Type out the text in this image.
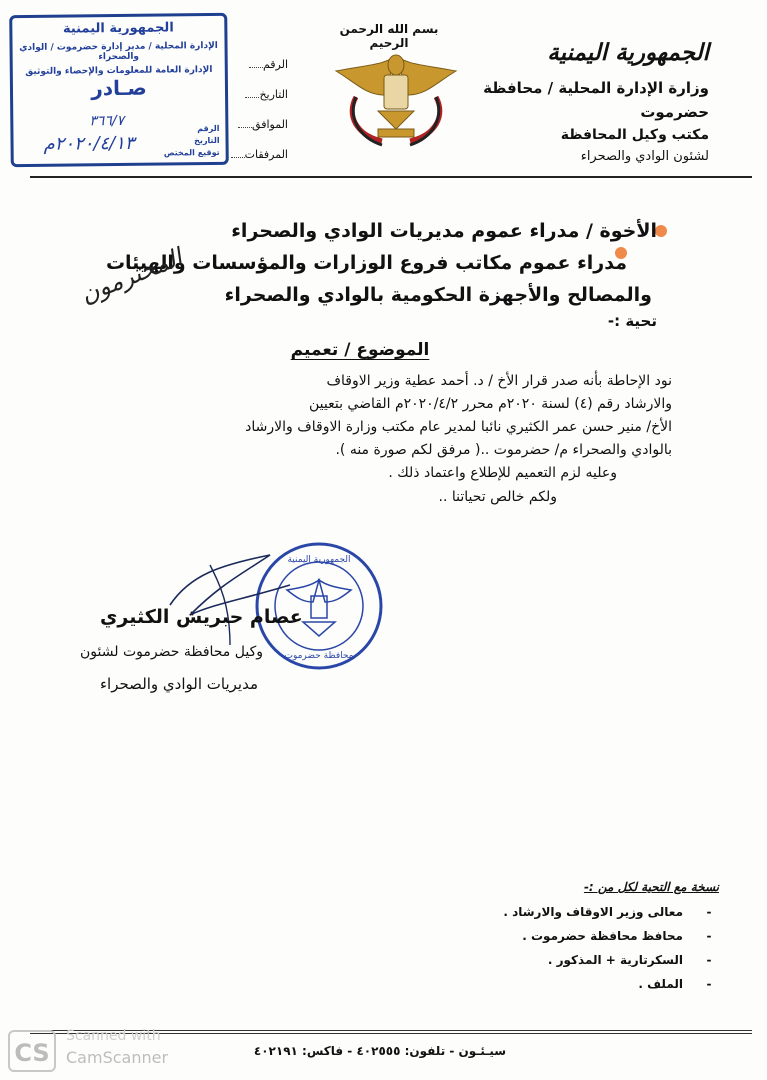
الجمهورية اليمنية
الإدارة المحلية / مدير إدارة حضرموت / الوادي والصحراء
الإدارة العامة للمعلومات والإحصاء والتوثيق
صـادر
٣٦٦/٧
٢٠٢٠/٤/١٣م
الرقم
التاريخ
توقيع المختص
الرقم
التاريخ
الموافق
المرفقات
بسم الله الرحمن الرحيم	الجمهورية اليمنية
وزارة الإدارة المحلية / محافظة حضرموت
مكتب وكيل المحافظة
لشئون الوادي والصحراء
الأخوة / مدراء عموم مديريات الوادي والصحراء
مدراء عموم مكاتب فروع الوزارات والمؤسسات والهيئات
والمصالح والأجهزة الحكومية بالوادي والصحراء
تحية :-
المحترمون
الموضوع / تعميم

نود الإحاطة بأنه صدر قرار الأخ / د. أحمد عطية وزير الاوقاف

والارشاد رقم (٤) لسنة ٢٠٢٠م محرر ٢٠٢٠/٤/٢م القاضي بتعيين

الأخ/ منير حسن عمر الكثيري نائبا لمدير عام مكتب وزارة الاوقاف والارشاد

بالوادي والصحراء م/ حضرموت ..( مرفق لكم صورة منه ).

وعليه لزم التعميم للإطلاع واعتماد ذلك .
ولكم خالص تحياتنا ..
الجمهورية اليمنية
محافظة حضرموت
عصام حبريش الكثيري
وكيل محافظة حضرموت لشئون
مديريات الوادي والصحراء
نسخة مع التحية لكل من :-
-
معالى وزير الاوقاف والارشاد .
-
محافظ محافظة حضرموت .
-
السكرتارية + المذكور .
-
الملف .
سيـئـون - تلفون: ٤٠٢٥٥٥ - فاكس: ٤٠٢١٩١
CS
Scanned with
CamScanner
